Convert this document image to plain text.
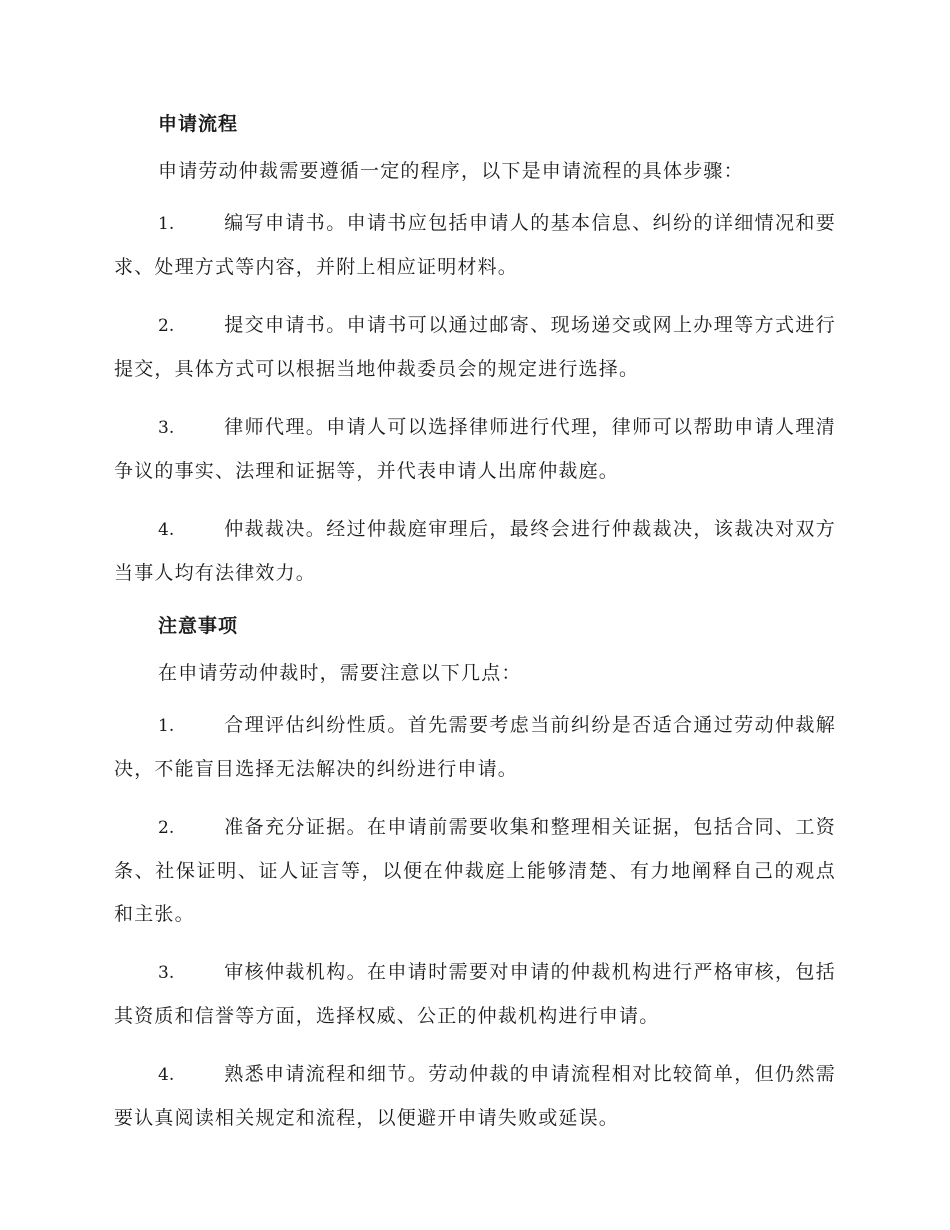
申请流程

申请劳动仲裁需要遵循一定的程序，以下是申请流程的具体步骤：

1.	编写申请书。申请书应包括申请人的基本信息、纠纷的详细情况和要求、处理方式等内容，并附上相应证明材料。

2.	提交申请书。申请书可以通过邮寄、现场递交或网上办理等方式进行提交，具体方式可以根据当地仲裁委员会的规定进行选择。

3.	律师代理。申请人可以选择律师进行代理，律师可以帮助申请人理清争议的事实、法理和证据等，并代表申请人出席仲裁庭。

4.	仲裁裁决。经过仲裁庭审理后，最终会进行仲裁裁决，该裁决对双方当事人均有法律效力。

注意事项

在申请劳动仲裁时，需要注意以下几点：

1.	合理评估纠纷性质。首先需要考虑当前纠纷是否适合通过劳动仲裁解决，不能盲目选择无法解决的纠纷进行申请。

2.	准备充分证据。在申请前需要收集和整理相关证据，包括合同、工资条、社保证明、证人证言等，以便在仲裁庭上能够清楚、有力地阐释自己的观点和主张。

3.	审核仲裁机构。在申请时需要对申请的仲裁机构进行严格审核，包括其资质和信誉等方面，选择权威、公正的仲裁机构进行申请。

4.	熟悉申请流程和细节。劳动仲裁的申请流程相对比较简单，但仍然需要认真阅读相关规定和流程，以便避开申请失败或延误。
